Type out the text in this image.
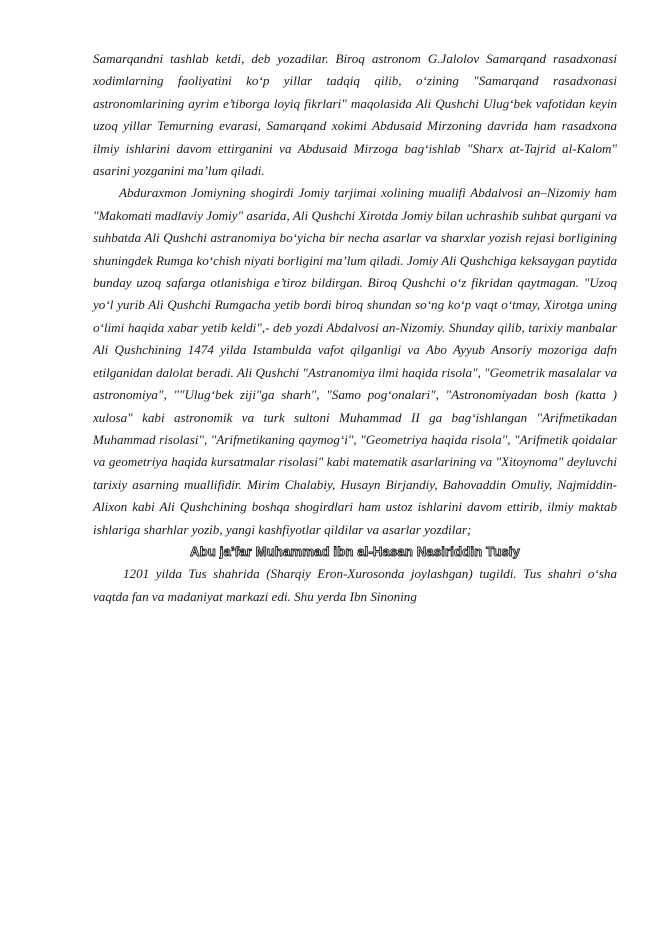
Samarqandni tashlab ketdi, deb yozadilar. Biroq astronom G.Jalolov Samarqand rasadxonasi xodimlarning faoliyatini ko‘p yillar tadqiq qilib, o‘zining "Samarqand rasadxonasi astronomlarining ayrim e’tiborga loyiq fikrlari" maqolasida Ali Qushchi Ulug‘bek vafotidan keyin uzoq yillar Temurning evarasi, Samarqand xokimi Abdusaid Mirzoning davrida ham rasadxona ilmiy ishlarini davom ettirganini va Abdusaid Mirzoga bag‘ishlab "Sharx at-Tajrid al-Kalom" asarini yozganini ma’lum qiladi.

Abduraxmon Jomiyning shogirdi Jomiy tarjimai xolining mualifi Abdalvosi an–Nizomiy ham "Makomati madlaviy Jomiy" asarida, Ali Qushchi Xirotda Jomiy bilan uchrashib suhbat qurgani va suhbatda Ali Qushchi astranomiya bo‘yicha bir necha asarlar va sharxlar yozish rejasi borligining shuningdek Rumga ko‘chish niyati borligini ma’lum qiladi. Jomiy Ali Qushchiga keksaygan paytida bunday uzoq safarga otlanishiga e’tiroz bildirgan. Biroq Qushchi o‘z fikridan qaytmagan. "Uzoq yo‘l yurib Ali Qushchi Rumgacha yetib bordi biroq shundan so‘ng ko‘p vaqt o‘tmay, Xirotga uning o‘limi haqida xabar yetib keldi",- deb yozdi Abdalvosi an-Nizomiy. Shunday qilib, tarixiy manbalar Ali Qushchining 1474 yilda Istambulda vafot qilganligi va Abo Ayyub Ansoriy mozoriga dafn etilganidan dalolat beradi. Ali Qushchi "Astranomiya ilmi haqida risola", "Geometrik masalalar va astronomiya", ""Ulug‘bek ziji"ga sharh", "Samo pog‘onalari", "Astronomiyadan bosh (katta ) xulosa" kabi astronomik va turk sultoni Muhammad II ga bag‘ishlangan "Arifmetikadan Muhammad risolasi", "Arifmetikaning qaymog‘i", "Geometriya haqida risola", "Arifmetik qoidalar va geometriya haqida kursatmalar risolasi" kabi matematik asarlarining va "Xitoynoma" deyluvchi tarixiy asarning muallifidir. Mirim Chalabiy, Husayn Birjandiy, Bahovaddin Omuliy, Najmiddin- Alixon kabi Ali Qushchining boshqa shogirdlari ham ustoz ishlarini davom ettirib, ilmiy maktab ishlariga sharhlar yozib, yangi kashfiyotlar qildilar va asarlar yozdilar;

Abu ja’far Muhammad ibn al-Hasan Nasiriddin Tusiy

1201 yilda Tus shahrida (Sharqiy Eron-Xurosonda joylashgan) tugildi. Tus shahri o‘sha vaqtda fan va madaniyat markazi edi. Shu yerda Ibn Sinoning
